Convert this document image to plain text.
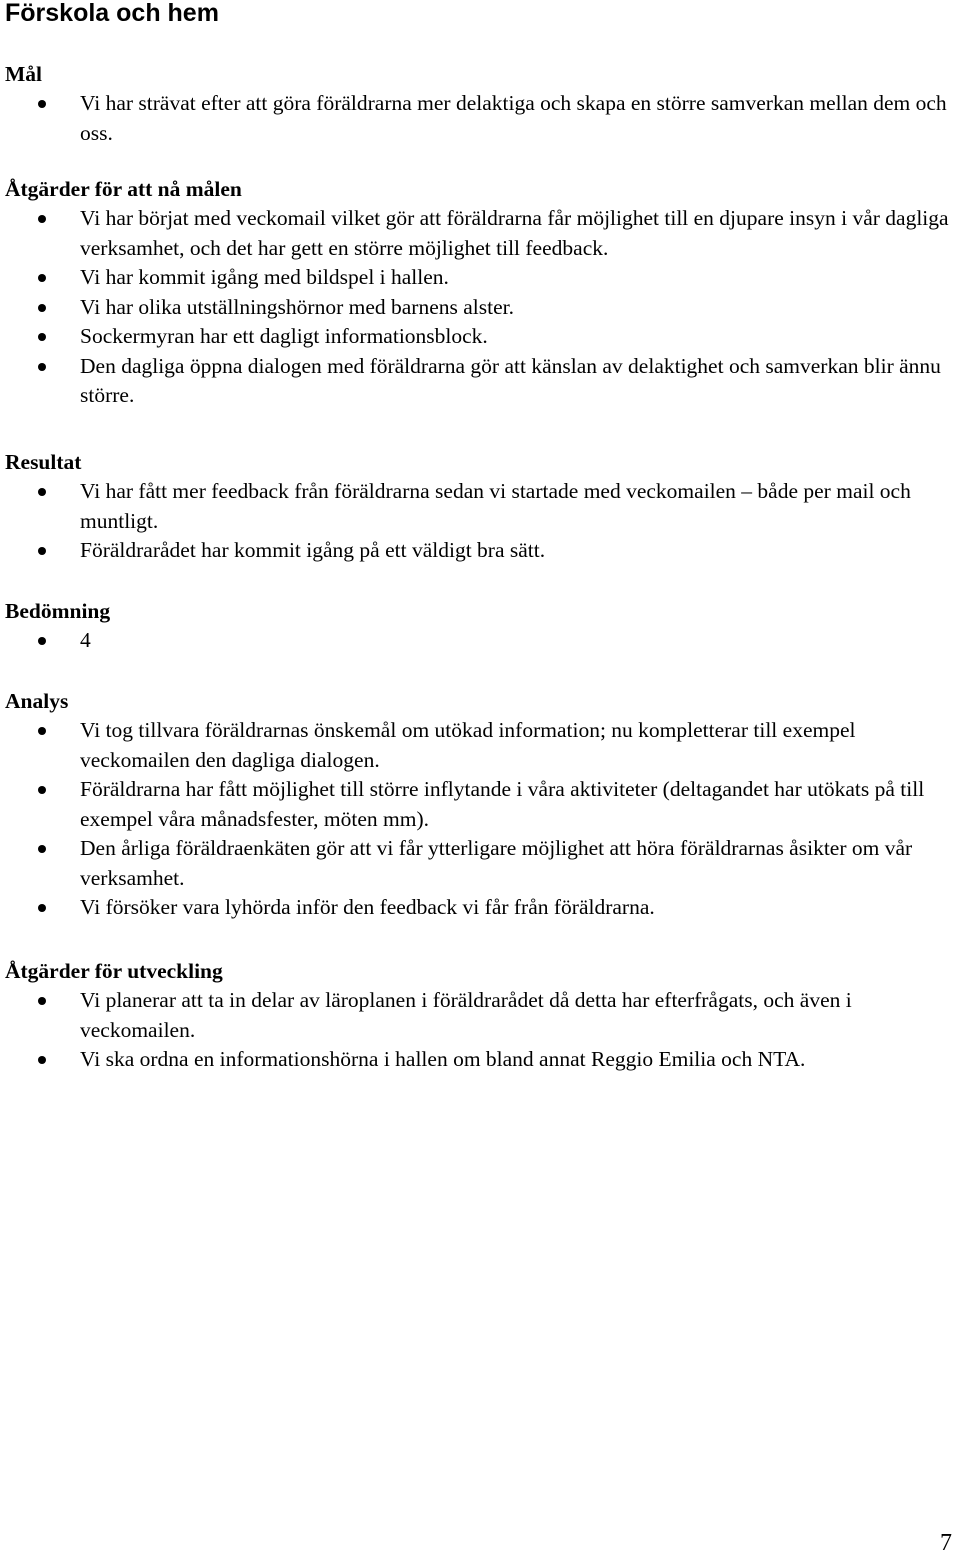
Förskola och hem
Mål
Vi har strävat efter att göra föräldrarna mer delaktiga och skapa en större samverkan mellan dem och oss.
Åtgärder för att nå målen
Vi har börjat med veckomail vilket gör att föräldrarna får möjlighet till en djupare insyn i vår dagliga verksamhet, och det har gett en större möjlighet till feedback.
Vi har kommit igång med bildspel i hallen.
Vi har olika utställningshörnor med barnens alster.
Sockermyran har ett dagligt informationsblock.
Den dagliga öppna dialogen med föräldrarna gör att känslan av delaktighet och samverkan blir ännu större.
Resultat
Vi har fått mer feedback från föräldrarna sedan vi startade med veckomailen – både per mail och muntligt.
Föräldrarådet har kommit igång på ett väldigt bra sätt.
Bedömning
4
Analys
Vi tog tillvara föräldrarnas önskemål om utökad information; nu kompletterar till exempel veckomailen den dagliga dialogen.
Föräldrarna har fått möjlighet till större inflytande i våra aktiviteter (deltagandet har utökats på till exempel våra månadsfester, möten mm).
Den årliga föräldraenkäten gör att vi får ytterligare möjlighet att höra föräldrarnas åsikter om vår verksamhet.
Vi försöker vara lyhörda inför den feedback vi får från föräldrarna.
Åtgärder för utveckling
Vi planerar att ta in delar av läroplanen i föräldrarådet då detta har efterfrågats, och även i veckomailen.
Vi ska ordna en informationshörna i hallen om bland annat Reggio Emilia och NTA.
7
